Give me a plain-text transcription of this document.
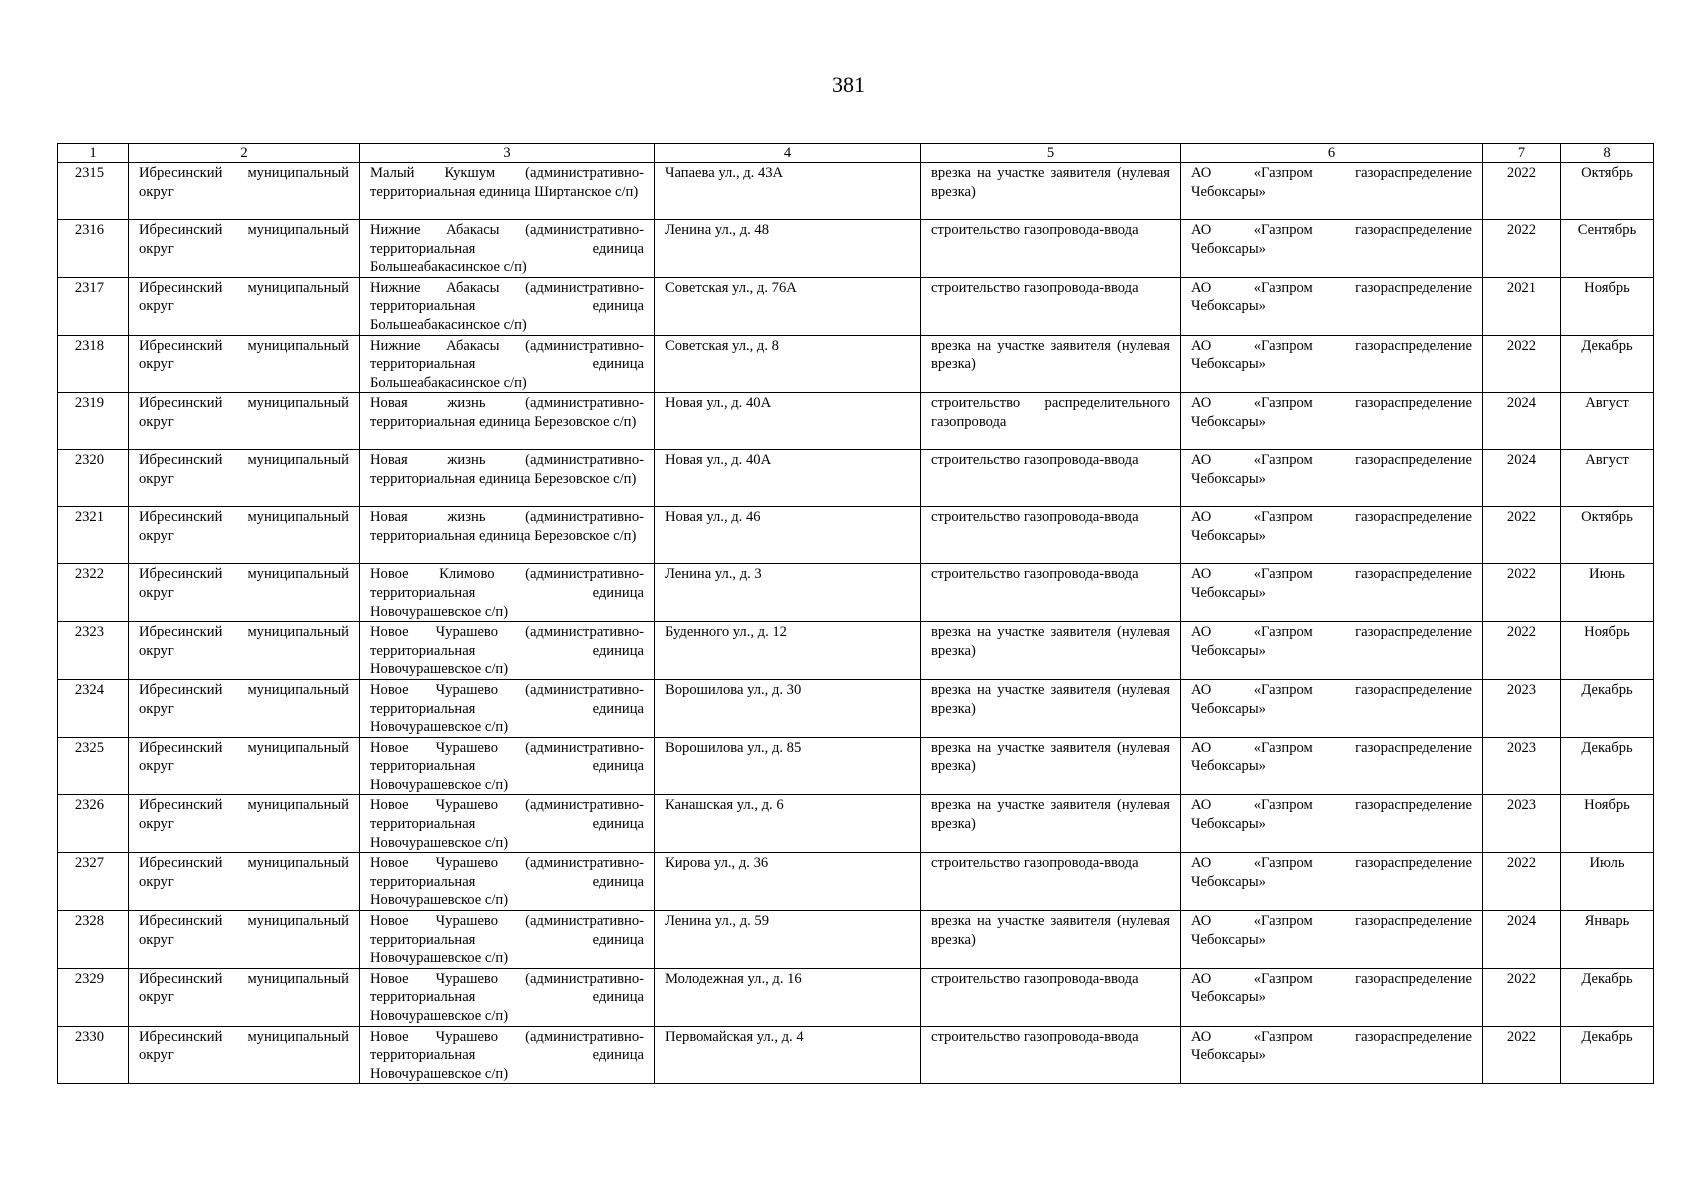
381
1	2	3	4	5	6	7	8
2315	Ибресинский муниципальный округ	Малый Кукшум (административно-территориальная единица Ширтанское с/п)	Чапаева ул., д. 43А	врезка на участке заявителя (нулевая врезка)	АО «Газпром газораспределение Чебоксары»	2022	Октябрь
2316	Ибресинский муниципальный округ	Нижние Абакасы (административно-территориальная единица Большеабакасинское с/п)	Ленина ул., д. 48	строительство газопровода-ввода	АО «Газпром газораспределение Чебоксары»	2022	Сентябрь
2317	Ибресинский муниципальный округ	Нижние Абакасы (административно-территориальная единица Большеабакасинское с/п)	Советская ул., д. 76А	строительство газопровода-ввода	АО «Газпром газораспределение Чебоксары»	2021	Ноябрь
2318	Ибресинский муниципальный округ	Нижние Абакасы (административно-территориальная единица Большеабакасинское с/п)	Советская ул., д. 8	врезка на участке заявителя (нулевая врезка)	АО «Газпром газораспределение Чебоксары»	2022	Декабрь
2319	Ибресинский муниципальный округ	Новая жизнь (административно-территориальная единица Березовское с/п)	Новая ул., д. 40А	строительство распределительного газопровода	АО «Газпром газораспределение Чебоксары»	2024	Август
2320	Ибресинский муниципальный округ	Новая жизнь (административно-территориальная единица Березовское с/п)	Новая ул., д. 40А	строительство газопровода-ввода	АО «Газпром газораспределение Чебоксары»	2024	Август
2321	Ибресинский муниципальный округ	Новая жизнь (административно-территориальная единица Березовское с/п)	Новая ул., д. 46	строительство газопровода-ввода	АО «Газпром газораспределение Чебоксары»	2022	Октябрь
2322	Ибресинский муниципальный округ	Новое Климово (административно-территориальная единица Новочурашевское с/п)	Ленина ул., д. 3	строительство газопровода-ввода	АО «Газпром газораспределение Чебоксары»	2022	Июнь
2323	Ибресинский муниципальный округ	Новое Чурашево (административно-территориальная единица Новочурашевское с/п)	Буденного ул., д. 12	врезка на участке заявителя (нулевая врезка)	АО «Газпром газораспределение Чебоксары»	2022	Ноябрь
2324	Ибресинский муниципальный округ	Новое Чурашево (административно-территориальная единица Новочурашевское с/п)	Ворошилова ул., д. 30	врезка на участке заявителя (нулевая врезка)	АО «Газпром газораспределение Чебоксары»	2023	Декабрь
2325	Ибресинский муниципальный округ	Новое Чурашево (административно-территориальная единица Новочурашевское с/п)	Ворошилова ул., д. 85	врезка на участке заявителя (нулевая врезка)	АО «Газпром газораспределение Чебоксары»	2023	Декабрь
2326	Ибресинский муниципальный округ	Новое Чурашево (административно-территориальная единица Новочурашевское с/п)	Канашская ул., д. 6	врезка на участке заявителя (нулевая врезка)	АО «Газпром газораспределение Чебоксары»	2023	Ноябрь
2327	Ибресинский муниципальный округ	Новое Чурашево (административно-территориальная единица Новочурашевское с/п)	Кирова ул., д. 36	строительство газопровода-ввода	АО «Газпром газораспределение Чебоксары»	2022	Июль
2328	Ибресинский муниципальный округ	Новое Чурашево (административно-территориальная единица Новочурашевское с/п)	Ленина ул., д. 59	врезка на участке заявителя (нулевая врезка)	АО «Газпром газораспределение Чебоксары»	2024	Январь
2329	Ибресинский муниципальный округ	Новое Чурашево (административно-территориальная единица Новочурашевское с/п)	Молодежная ул., д. 16	строительство газопровода-ввода	АО «Газпром газораспределение Чебоксары»	2022	Декабрь
2330	Ибресинский муниципальный округ	Новое Чурашево (административно-территориальная единица Новочурашевское с/п)	Первомайская ул., д. 4	строительство газопровода-ввода	АО «Газпром газораспределение Чебоксары»	2022	Декабрь
